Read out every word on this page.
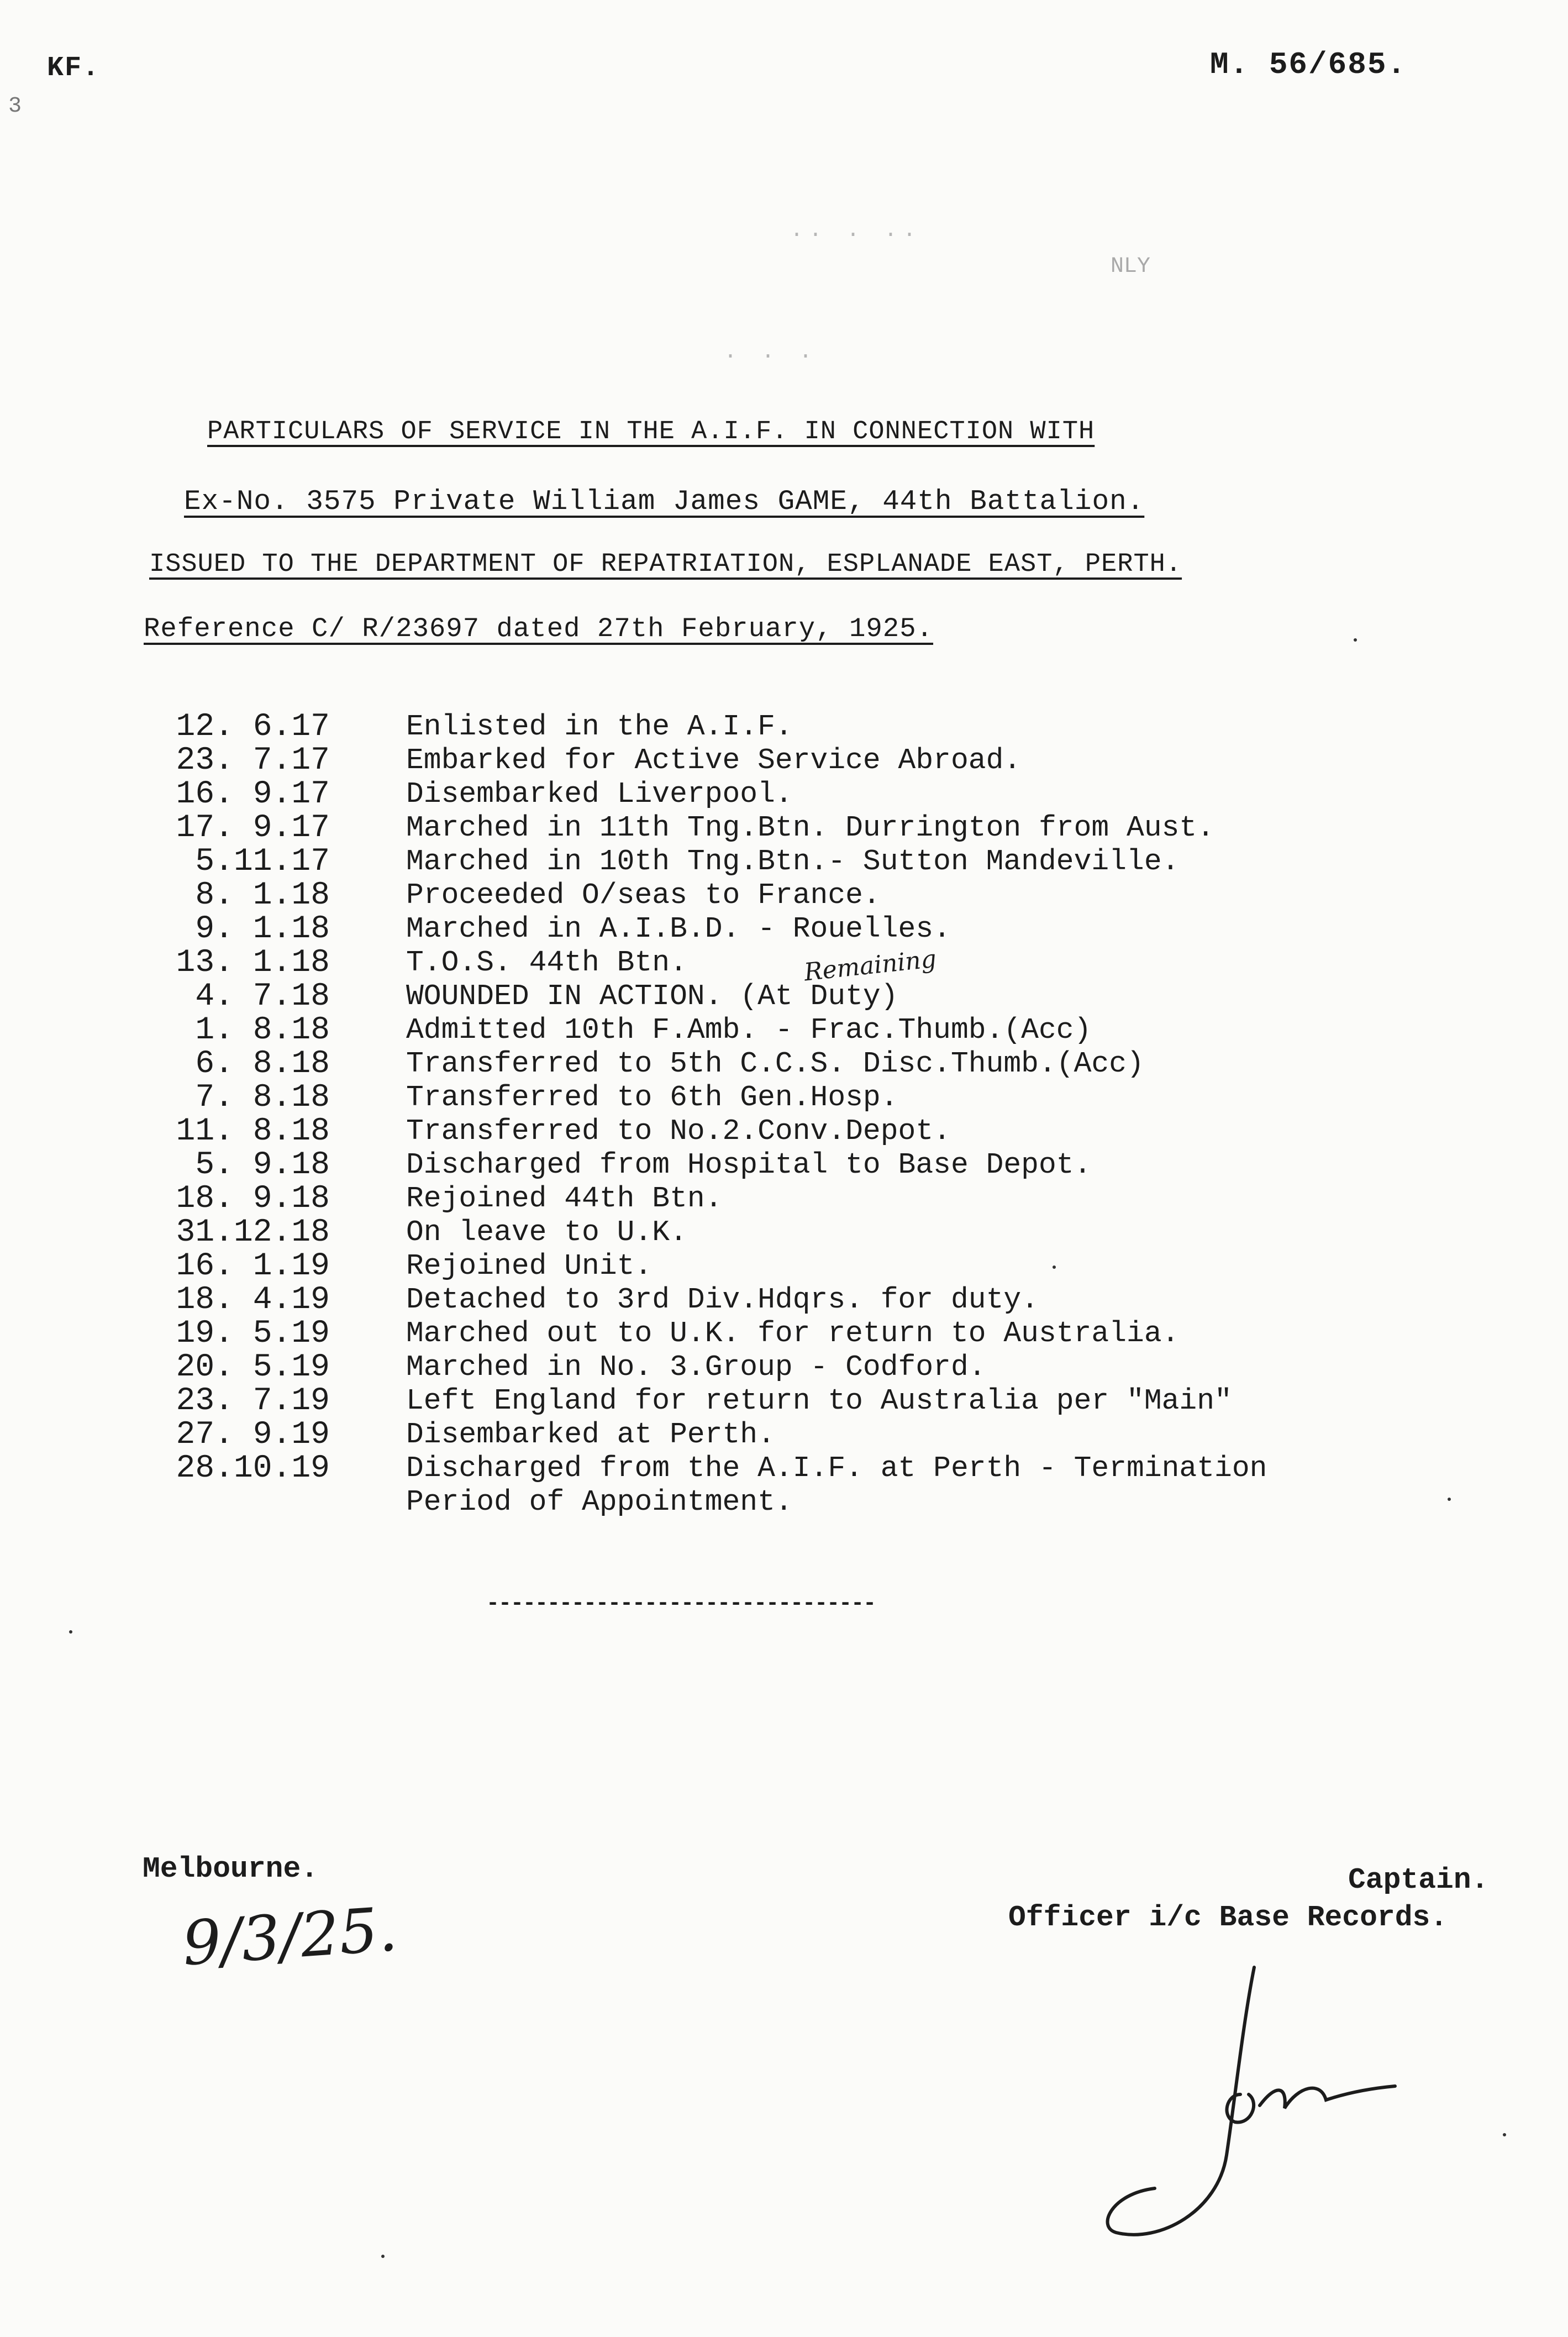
KF.	M. 56/685.
3
.. . ..
NLY
. . .
PARTICULARS OF SERVICE IN THE A.I.F. IN CONNECTION WITH
Ex-No. 3575 Private William James GAME, 44th Battalion.
ISSUED TO THE DEPARTMENT OF REPATRIATION, ESPLANADE EAST, PERTH.
Reference C/ R/23697 dated 27th February, 1925.
12. 6.17	Enlisted in the A.I.F.
23. 7.17	Embarked for Active Service Abroad.
16. 9.17	Disembarked Liverpool.
17. 9.17	Marched in 11th Tng.Btn. Durrington from Aust.
5.11.17	Marched in 10th Tng.Btn.- Sutton Mandeville.
8. 1.18	Proceeded O/seas to France.
9. 1.18	Marched in A.I.B.D. - Rouelles.
13. 1.18	T.O.S. 44th Btn.
4. 7.18	WOUNDED IN ACTION. (At Duty)
1. 8.18	Admitted 10th F.Amb. - Frac.Thumb.(Acc)
6. 8.18	Transferred to 5th C.C.S. Disc.Thumb.(Acc)
7. 8.18	Transferred to 6th Gen.Hosp.
11. 8.18	Transferred to No.2.Conv.Depot.
5. 9.18	Discharged from Hospital to Base Depot.
18. 9.18	Rejoined 44th Btn.
31.12.18	On leave to U.K.
16. 1.19	Rejoined Unit.
18. 4.19	Detached to 3rd Div.Hdqrs. for duty.
19. 5.19	Marched out to U.K. for return to Australia.
20. 5.19	Marched in No. 3.Group - Codford.
23. 7.19	Left England for return to Australia per "Main"
27. 9.19	Disembarked at Perth.
28.10.19	Discharged from the A.I.F. at Perth - Termination
Period of Appointment.
Remaining
--------------------------------
Melbourne.
9/3/25.
Captain.
Officer i/c Base Records.
